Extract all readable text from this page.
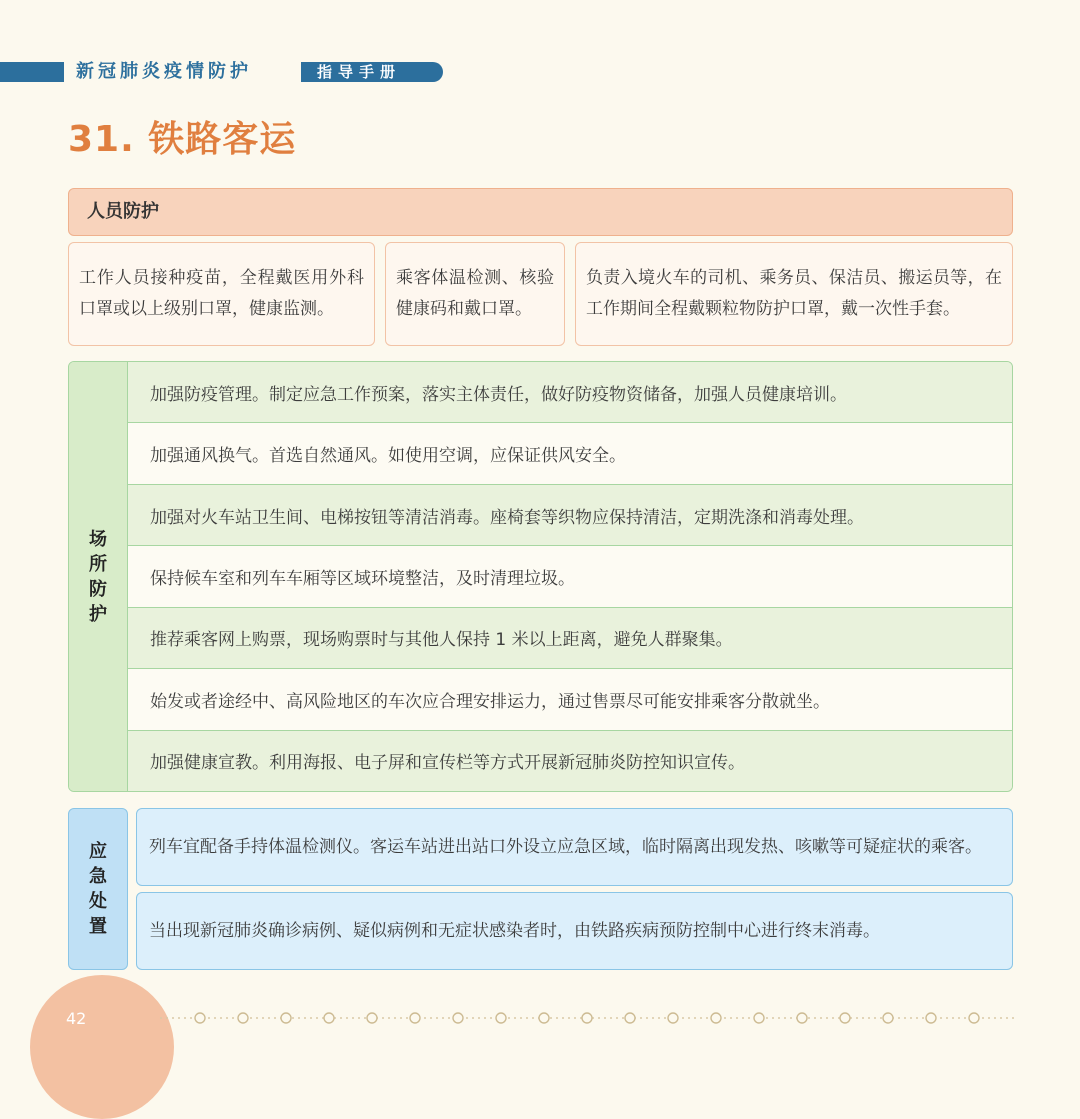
新冠肺炎疫情防护	指导手册
31. 铁路客运
人员防护
工作人员接种疫苗，全程戴医用外科口罩或以上级别口罩，健康监测。
乘客体温检测、核验健康码和戴口罩。
负责入境火车的司机、乘务员、保洁员、搬运员等，在工作期间全程戴颗粒物防护口罩，戴一次性手套。
场所防护
加强防疫管理。制定应急工作预案，落实主体责任，做好防疫物资储备，加强人员健康培训。
加强通风换气。首选自然通风。如使用空调，应保证供风安全。
加强对火车站卫生间、电梯按钮等清洁消毒。座椅套等织物应保持清洁，定期洗涤和消毒处理。
保持候车室和列车车厢等区域环境整洁，及时清理垃圾。
推荐乘客网上购票，现场购票时与其他人保持 1 米以上距离，避免人群聚集。
始发或者途经中、高风险地区的车次应合理安排运力，通过售票尽可能安排乘客分散就坐。
加强健康宣教。利用海报、电子屏和宣传栏等方式开展新冠肺炎防控知识宣传。
应急处置
列车宜配备手持体温检测仪。客运车站进出站口外设立应急区域，临时隔离出现发热、咳嗽等可疑症状的乘客。
当出现新冠肺炎确诊病例、疑似病例和无症状感染者时，由铁路疾病预防控制中心进行终末消毒。
42
